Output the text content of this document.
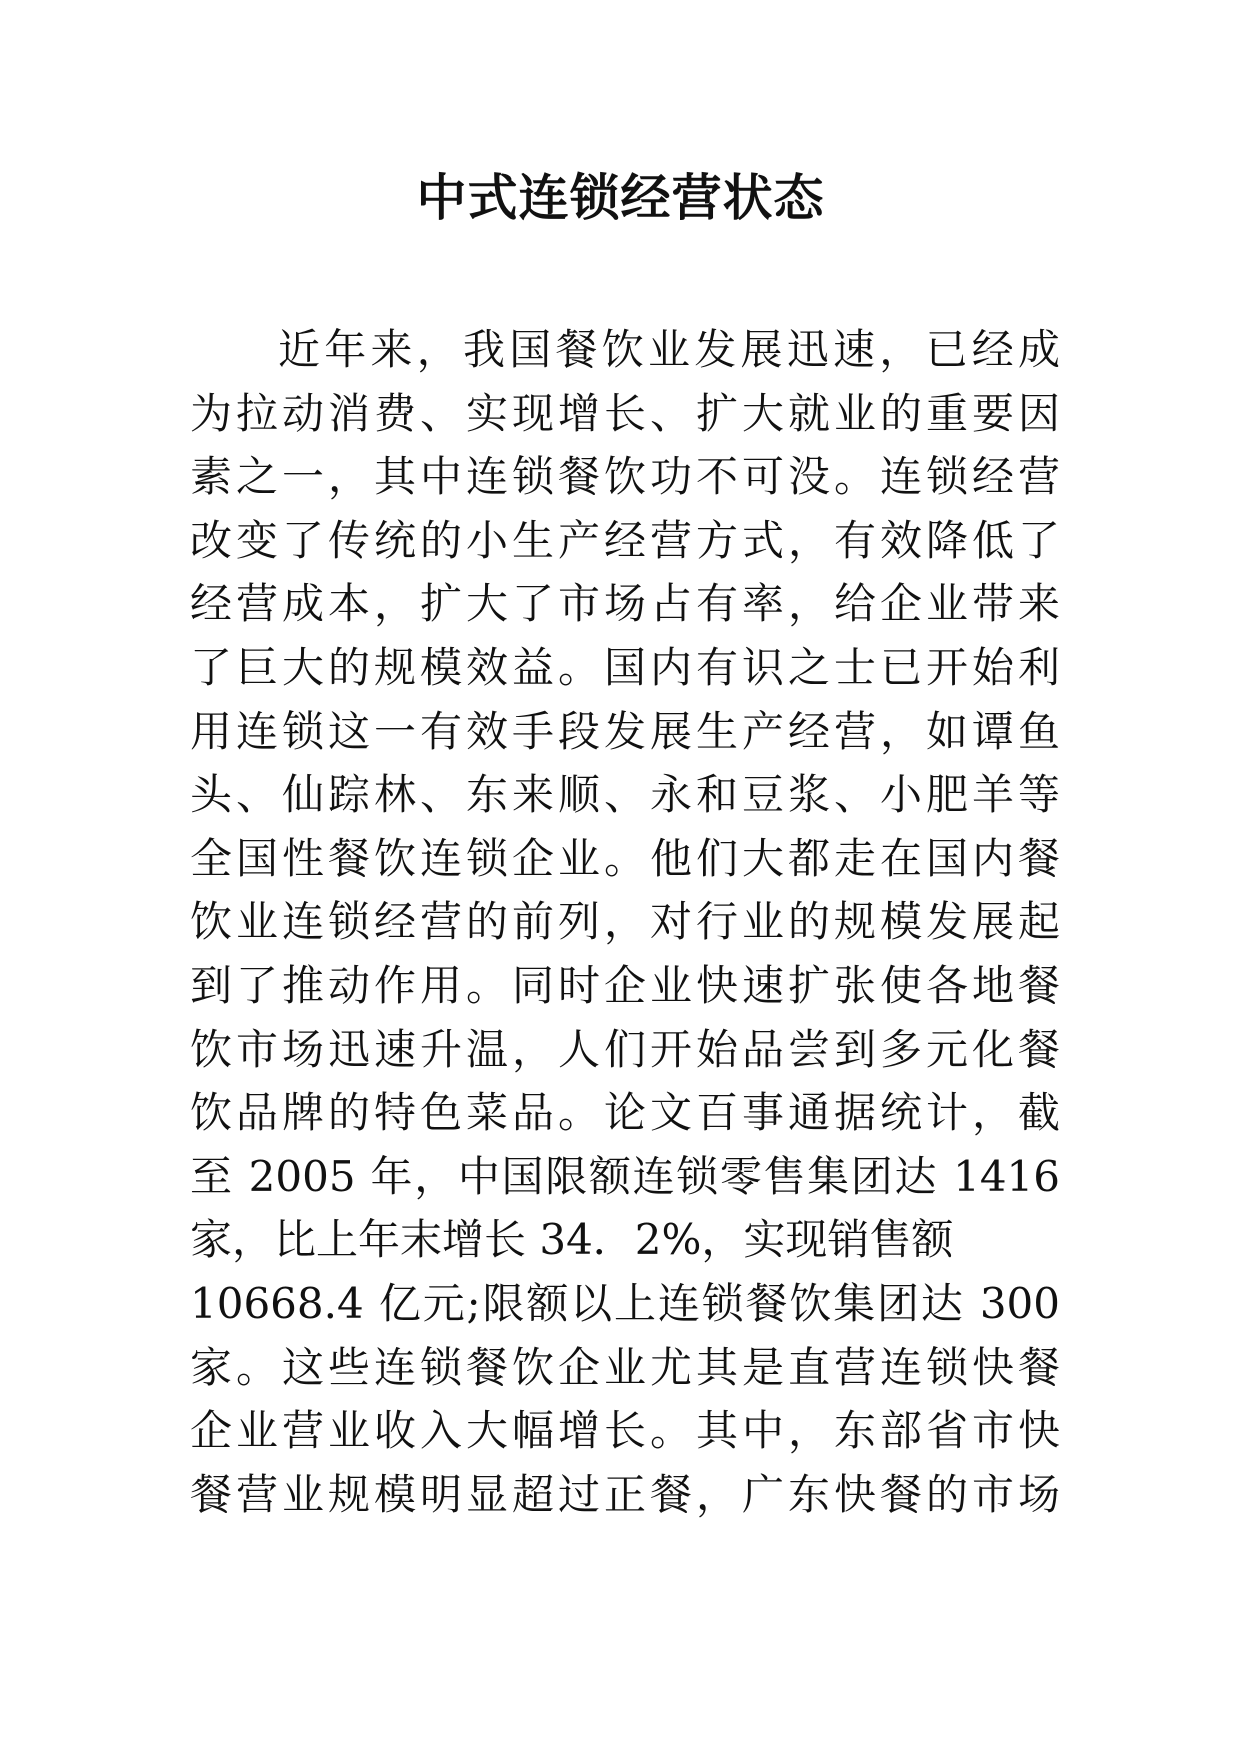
中式连锁经营状态
近年来，我国餐饮业发展迅速，已经成
为拉动消费、实现增长、扩大就业的重要因
素之一，其中连锁餐饮功不可没。连锁经营
改变了传统的小生产经营方式，有效降低了
经营成本，扩大了市场占有率，给企业带来
了巨大的规模效益。国内有识之士已开始利
用连锁这一有效手段发展生产经营，如谭鱼
头、仙踪林、东来顺、永和豆浆、小肥羊等
全国性餐饮连锁企业。他们大都走在国内餐
饮业连锁经营的前列，对行业的规模发展起
到了推动作用。同时企业快速扩张使各地餐
饮市场迅速升温，人们开始品尝到多元化餐
饮品牌的特色菜品。论文百事通据统计，截
至 2005 年，中国限额连锁零售集团达 1416
家，比上年末增长 34．2%，实现销售额
10668.4 亿元;限额以上连锁餐饮集团达 300
家。这些连锁餐饮企业尤其是直营连锁快餐
企业营业收入大幅增长。其中，东部省市快
餐营业规模明显超过正餐，广东快餐的市场
